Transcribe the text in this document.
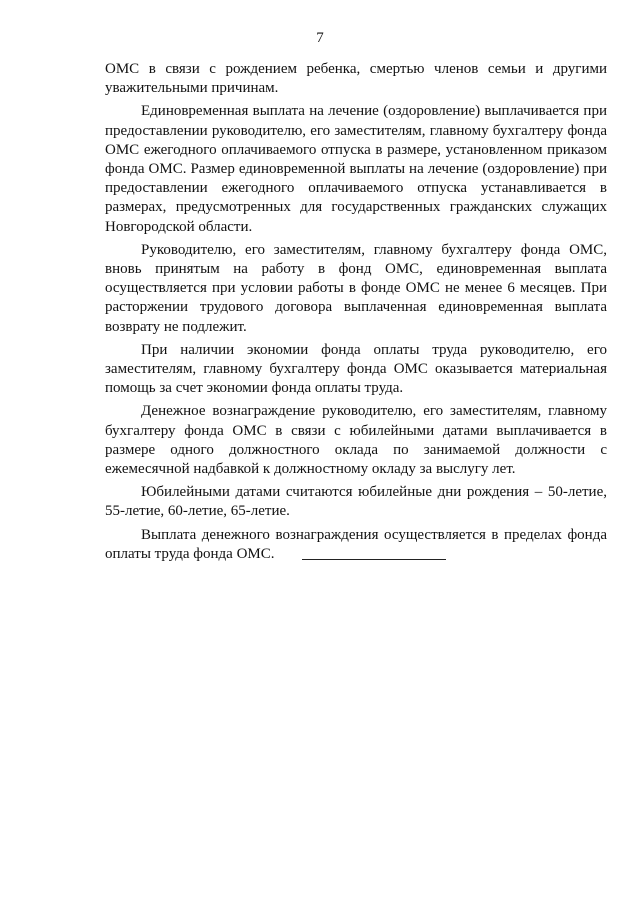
7

ОМС в связи с рождением ребенка, смертью членов семьи и другими уважительными причинам.

Единовременная выплата на лечение (оздоровление) выплачивается при предоставлении руководителю, его заместителям, главному бухгалтеру фонда ОМС ежегодного оплачиваемого отпуска в размере, установленном приказом фонда ОМС. Размер единовременной выплаты на лечение (оздоровление) при предоставлении ежегодного оплачиваемого отпуска устанавливается в размерах, предусмотренных для государственных гражданских служащих Новгородской области.

Руководителю, его заместителям, главному бухгалтеру фонда ОМС, вновь принятым на работу в фонд ОМС, единовременная выплата осуществляется при условии работы в фонде ОМС не менее 6 месяцев. При расторжении трудового договора выплаченная единовременная выплата возврату не подлежит.

При наличии экономии фонда оплаты труда руководителю, его заместителям, главному бухгалтеру фонда ОМС оказывается материальная помощь за счет экономии фонда оплаты труда.

Денежное вознаграждение руководителю, его заместителям, главному бухгалтеру фонда ОМС в связи с юбилейными датами выплачивается в размере одного должностного оклада по занимаемой должности с ежемесячной надбавкой к должностному окладу за выслугу лет.

Юбилейными датами считаются юбилейные дни рождения – 50-летие, 55-летие, 60-летие, 65-летие.

Выплата денежного вознаграждения осуществляется в пределах фонда оплаты труда фонда ОМС.
